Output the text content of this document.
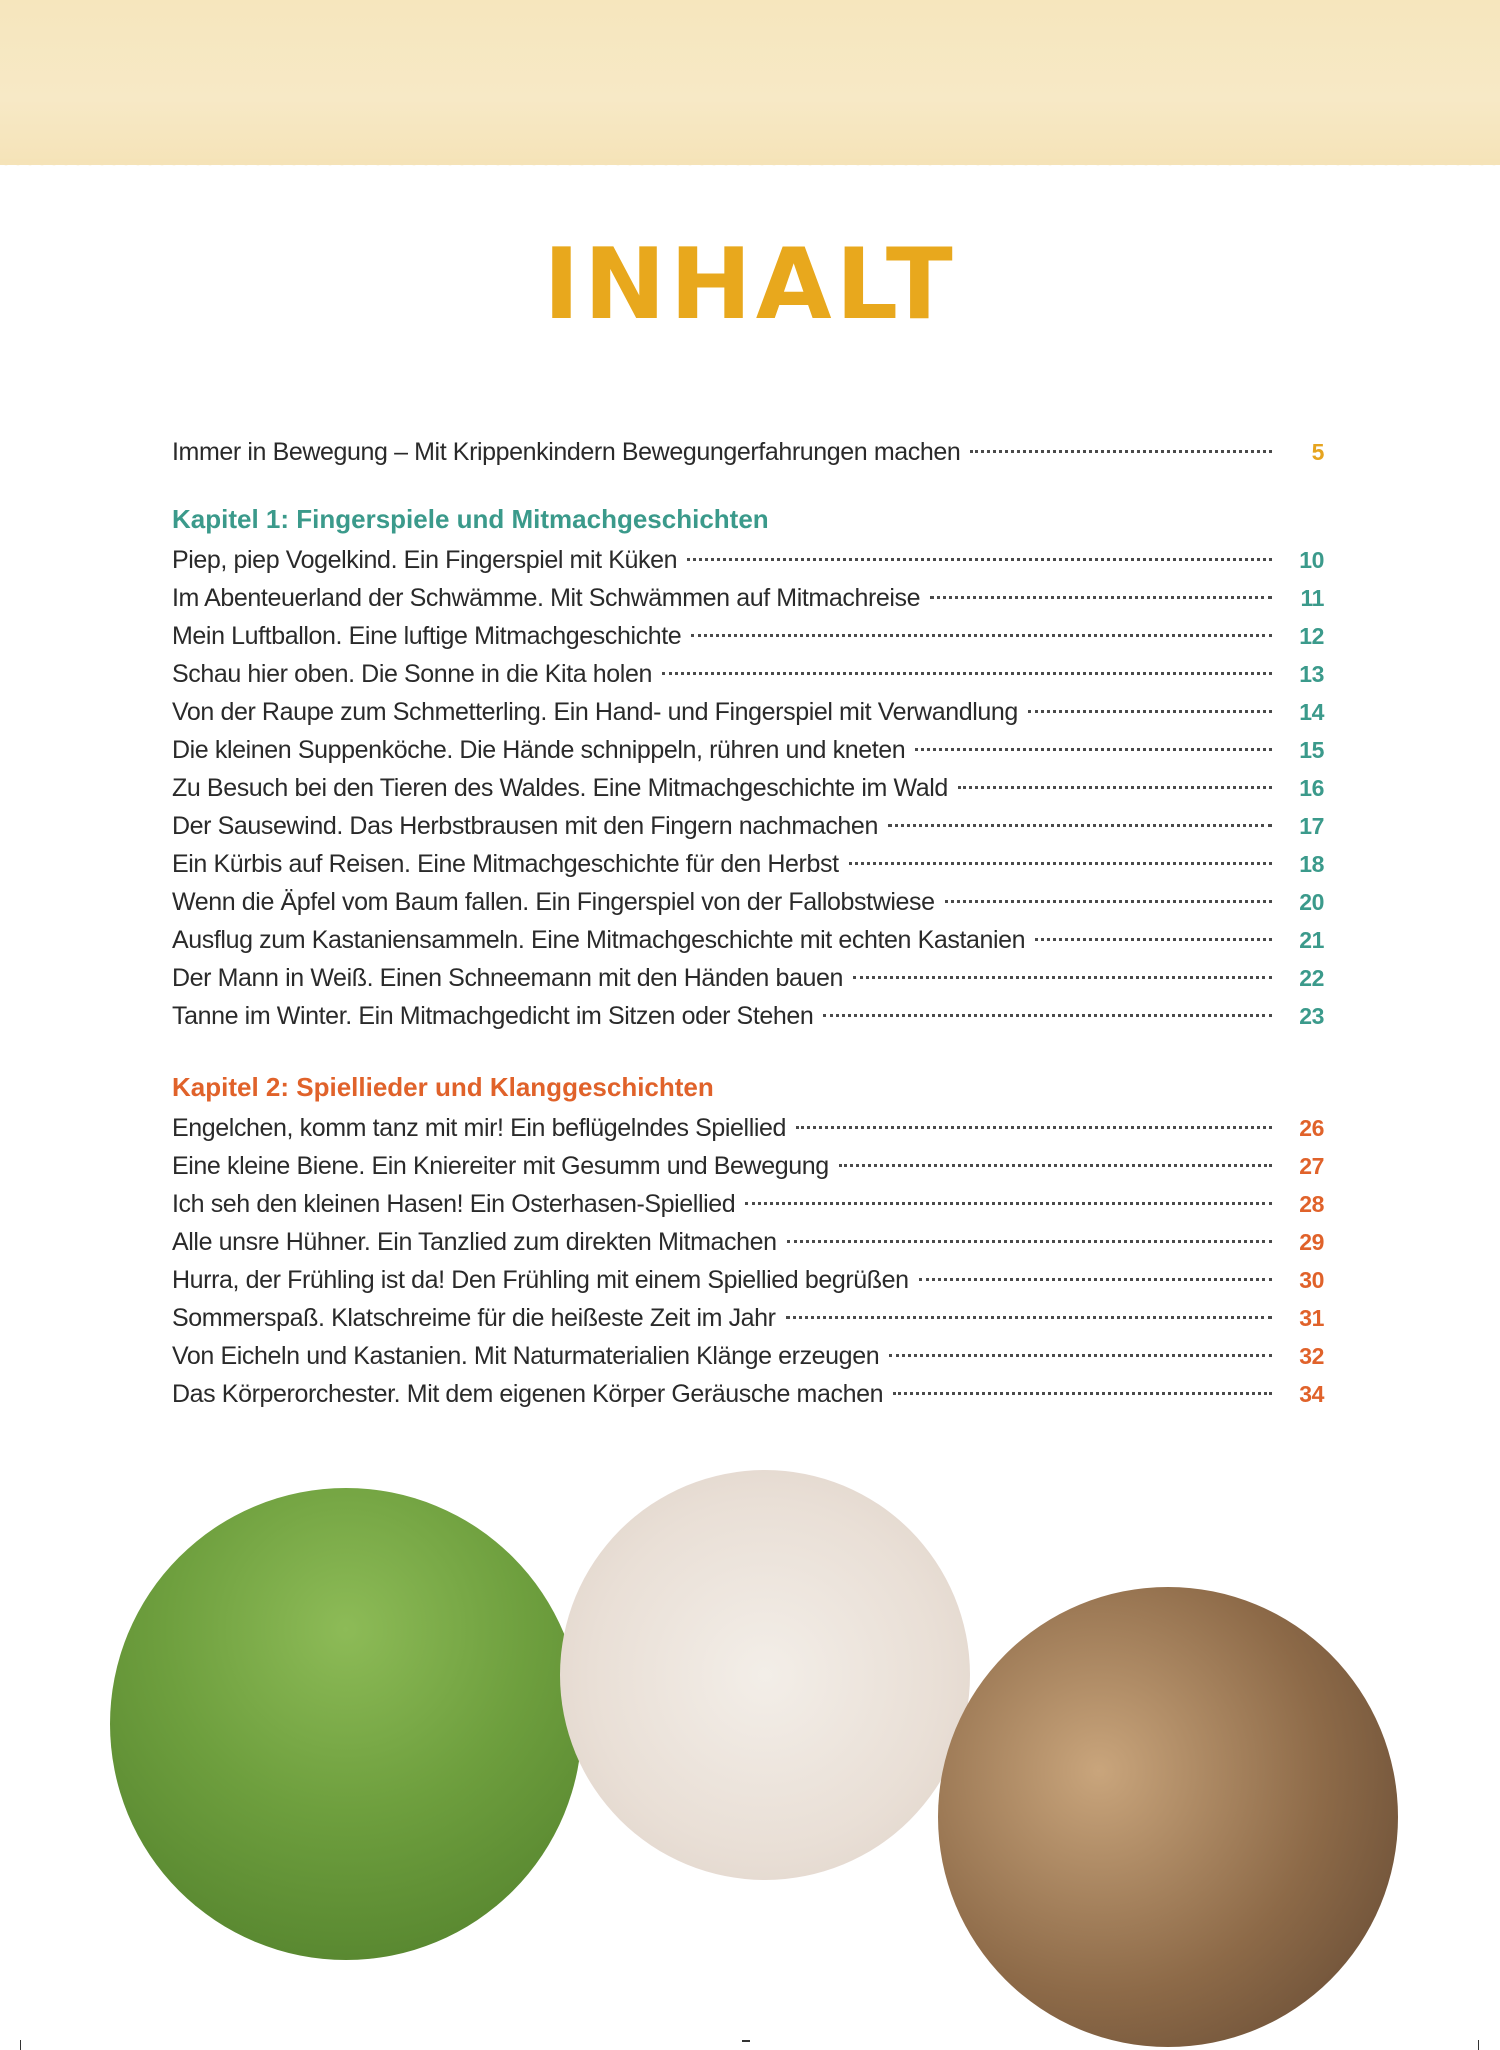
INHALT
Immer in Bewegung – Mit Krippenkindern Bewegungerfahrungen machen	5
Kapitel 1: Fingerspiele und Mitmachgeschichten
Piep, piep Vogelkind. Ein Fingerspiel mit Küken	10
Im Abenteuerland der Schwämme. Mit Schwämmen auf Mitmachreise	11
Mein Luftballon. Eine luftige Mitmachgeschichte	12
Schau hier oben. Die Sonne in die Kita holen	13
Von der Raupe zum Schmetterling. Ein Hand- und Fingerspiel mit Verwandlung	14
Die kleinen Suppenköche. Die Hände schnippeln, rühren und kneten	15
Zu Besuch bei den Tieren des Waldes. Eine Mitmachgeschichte im Wald	16
Der Sausewind. Das Herbstbrausen mit den Fingern nachmachen	17
Ein Kürbis auf Reisen. Eine Mitmachgeschichte für den Herbst	18
Wenn die Äpfel vom Baum fallen. Ein Fingerspiel von der Fallobstwiese	20
Ausflug zum Kastaniensammeln. Eine Mitmachgeschichte mit echten Kastanien	21
Der Mann in Weiß. Einen Schneemann mit den Händen bauen	22
Tanne im Winter. Ein Mitmachgedicht im Sitzen oder Stehen	23
Kapitel 2: Spiellieder und Klanggeschichten
Engelchen, komm tanz mit mir! Ein beflügelndes Spiellied	26
Eine kleine Biene. Ein Kniereiter mit Gesumm und Bewegung	27
Ich seh den kleinen Hasen! Ein Osterhasen-Spiellied	28
Alle unsre Hühner. Ein Tanzlied zum direkten Mitmachen	29
Hurra, der Frühling ist da! Den Frühling mit einem Spiellied begrüßen	30
Sommerspaß. Klatschreime für die heißeste Zeit im Jahr	31
Von Eicheln und Kastanien. Mit Naturmaterialien Klänge erzeugen	32
Das Körperorchester. Mit dem eigenen Körper Geräusche machen	34
